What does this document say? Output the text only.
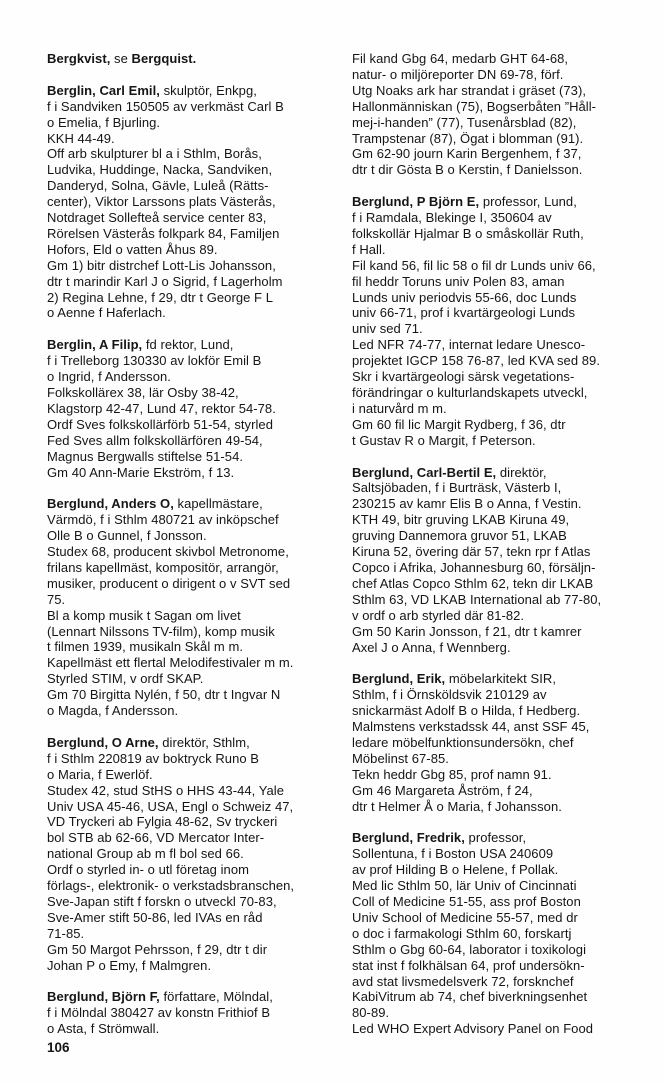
Bergkvist, se Bergquist.

Berglin, Carl Emil, skulptör, Enkpg,
f i Sandviken 150505 av verkmäst Carl B
o Emelia, f Bjurling.
KKH 44-49.
Off arb skulpturer bl a i Sthlm, Borås,
Ludvika, Huddinge, Nacka, Sandviken,
Danderyd, Solna, Gävle, Luleå (Rätts-
center), Viktor Larssons plats Västerås,
Notdraget Sollefteå service center 83,
Rörelsen Västerås folkpark 84, Familjen
Hofors, Eld o vatten Åhus 89.
Gm 1) bitr distrchef Lott-Lis Johansson,
dtr t marindir Karl J o Sigrid, f Lagerholm
2) Regina Lehne, f 29, dtr t George F L
o Aenne f Haferlach.

Berglin, A Filip, fd rektor, Lund,
f i Trelleborg 130330 av lokför Emil B
o Ingrid, f Andersson.
Folkskollärex 38, lär Osby 38-42,
Klagstorp 42-47, Lund 47, rektor 54-78.
Ordf Sves folkskollärförb 51-54, styrled
Fed Sves allm folkskollärfören 49-54,
Magnus Bergwalls stiftelse 51-54.
Gm 40 Ann-Marie Ekström, f 13.

Berglund, Anders O, kapellmästare,
Värmdö, f i Sthlm 480721 av inköpschef
Olle B o Gunnel, f Jonsson.
Studex 68, producent skivbol Metronome,
frilans kapellmäst, kompositör, arrangör,
musiker, producent o dirigent o v SVT sed
75.
Bl a komp musik t Sagan om livet
(Lennart Nilssons TV-film), komp musik
t filmen 1939, musikaln Skål m m.
Kapellmäst ett flertal Melodifestivaler m m.
Styrled STIM, v ordf SKAP.
Gm 70 Birgitta Nylén, f 50, dtr t Ingvar N
o Magda, f Andersson.

Berglund, O Arne, direktör, Sthlm,
f i Sthlm 220819 av boktryck Runo B
o Maria, f Ewerlöf.
Studex 42, stud StHS o HHS 43-44, Yale
Univ USA 45-46, USA, Engl o Schweiz 47,
VD Tryckeri ab Fylgia 48-62, Sv tryckeri
bol STB ab 62-66, VD Mercator Inter-
national Group ab m fl bol sed 66.
Ordf o styrled in- o utl företag inom
förlags-, elektronik- o verkstadsbranschen,
Sve-Japan stift f forskn o utveckl 70-83,
Sve-Amer stift 50-86, led IVAs en råd
71-85.
Gm 50 Margot Pehrsson, f 29, dtr t dir
Johan P o Emy, f Malmgren.

Berglund, Björn F, författare, Mölndal,
f i Mölndal 380427 av konstn Frithiof B
o Asta, f Strömwall.

Fil kand Gbg 64, medarb GHT 64-68,
natur- o miljöreporter DN 69-78, förf.
Utg Noaks ark har strandat i gräset (73),
Hallonmänniskan (75), Bogserbåten ”Håll-
mej-i-handen” (77), Tusenårsblad (82),
Trampstenar (87), Ögat i blomman (91).
Gm 62-90 journ Karin Bergenhem, f 37,
dtr t dir Gösta B o Kerstin, f Danielsson.

Berglund, P Björn E, professor, Lund,
f i Ramdala, Blekinge I, 350604 av
folkskollär Hjalmar B o småskollär Ruth,
f Hall.
Fil kand 56, fil lic 58 o fil dr Lunds univ 66,
fil heddr Toruns univ Polen 83, aman
Lunds univ periodvis 55-66, doc Lunds
univ 66-71, prof i kvartärgeologi Lunds
univ sed 71.
Led NFR 74-77, internat ledare Unesco-
projektet IGCP 158 76-87, led KVA sed 89.
Skr i kvartärgeologi särsk vegetations-
förändringar o kulturlandskapets utveckl,
i naturvård m m.
Gm 60 fil lic Margit Rydberg, f 36, dtr
t Gustav R o Margit, f Peterson.

Berglund, Carl-Bertil E, direktör,
Saltsjöbaden, f i Burträsk, Västerb I,
230215 av kamr Elis B o Anna, f Vestin.
KTH 49, bitr gruving LKAB Kiruna 49,
gruving Dannemora gruvor 51, LKAB
Kiruna 52, övering där 57, tekn rpr f Atlas
Copco i Afrika, Johannesburg 60, försäljn-
chef Atlas Copco Sthlm 62, tekn dir LKAB
Sthlm 63, VD LKAB International ab 77-80,
v ordf o arb styrled där 81-82.
Gm 50 Karin Jonsson, f 21, dtr t kamrer
Axel J o Anna, f Wennberg.

Berglund, Erik, möbelarkitekt SIR,
Sthlm, f i Örnsköldsvik 210129 av
snickarmäst Adolf B o Hilda, f Hedberg.
Malmstens verkstadssk 44, anst SSF 45,
ledare möbelfunktionsundersökn, chef
Möbelinst 67-85.
Tekn heddr Gbg 85, prof namn 91.
Gm 46 Margareta Åström, f 24,
dtr t Helmer Å o Maria, f Johansson.

Berglund, Fredrik, professor,
Sollentuna, f i Boston USA 240609
av prof Hilding B o Helene, f Pollak.
Med lic Sthlm 50, lär Univ of Cincinnati
Coll of Medicine 51-55, ass prof Boston
Univ School of Medicine 55-57, med dr
o doc i farmakologi Sthlm 60, forskartj
Sthlm o Gbg 60-64, laborator i toxikologi
stat inst f folkhälsan 64, prof undersökn-
avd stat livsmedelsverk 72, forsknchef
KabiVitrum ab 74, chef biverkningsenhet
80-89.
Led WHO Expert Advisory Panel on Food

106
